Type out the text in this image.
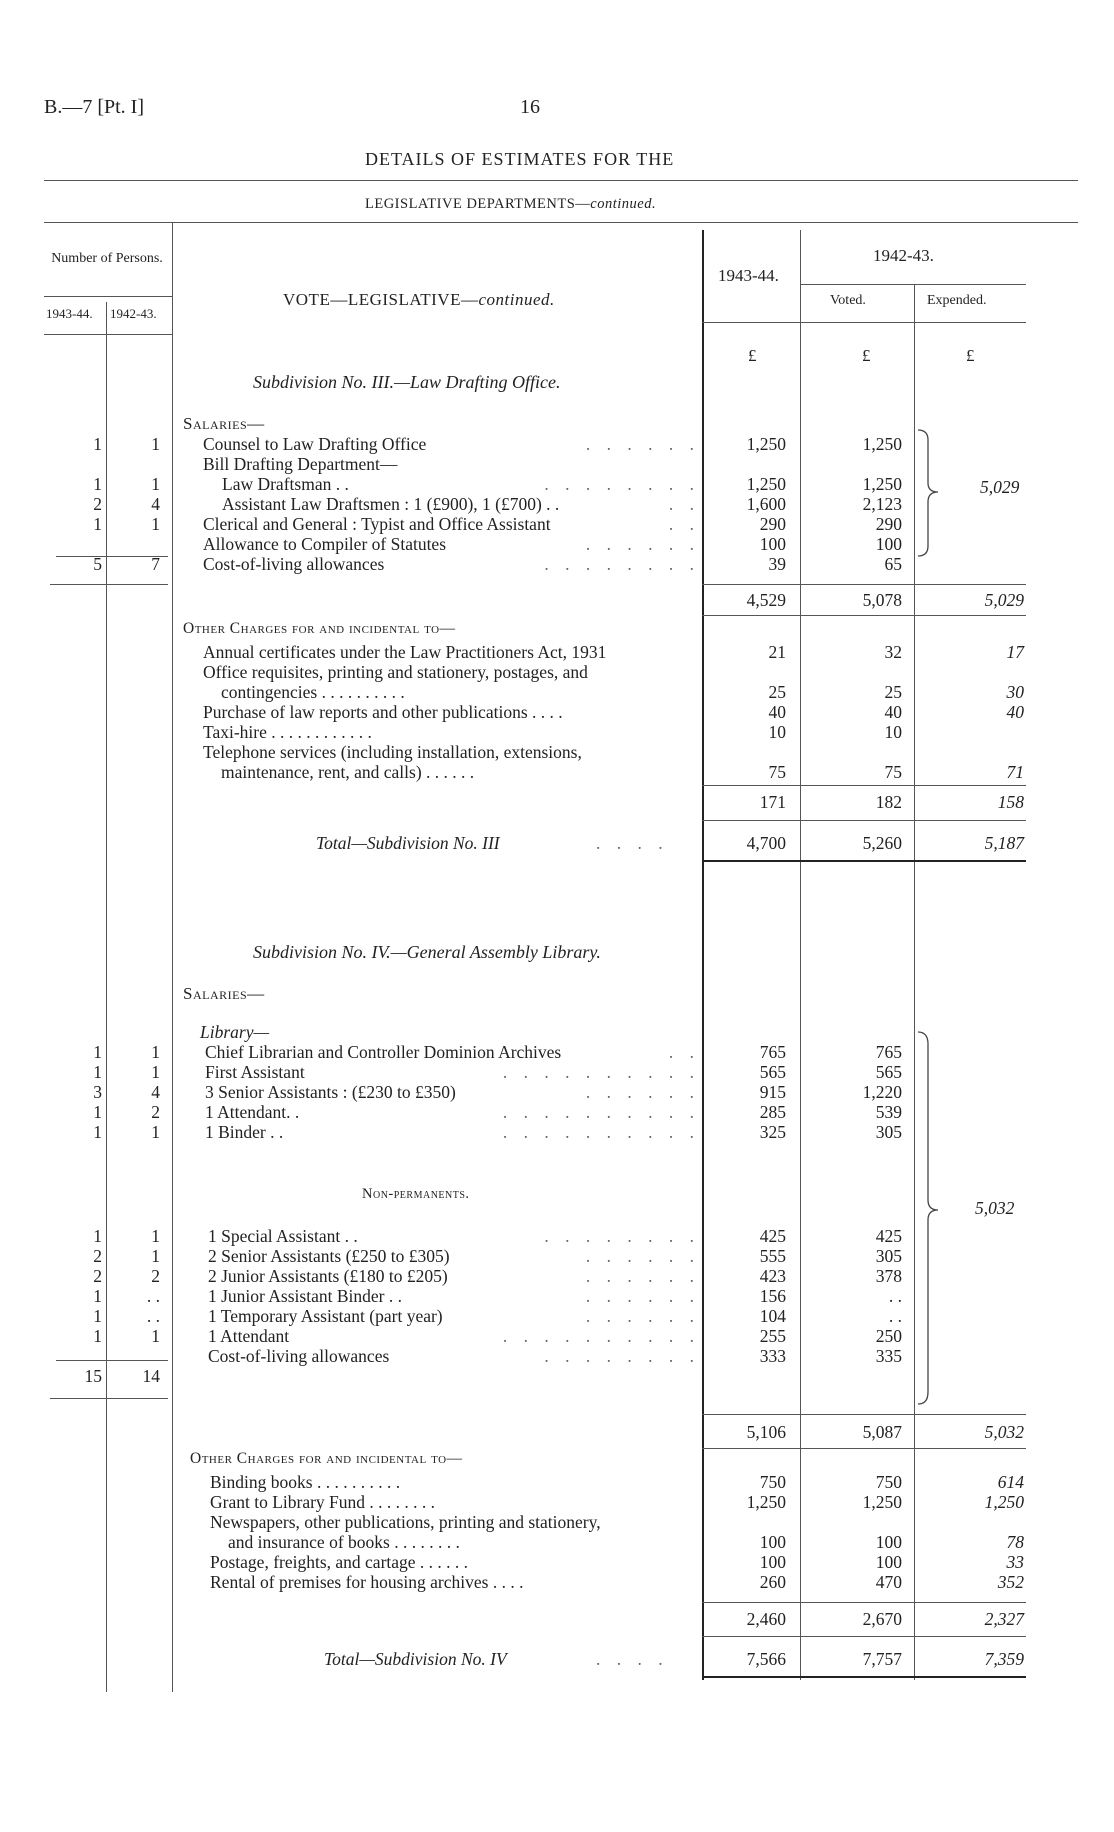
B.—7 [Pt. I]	16
DETAILS OF ESTIMATES FOR THE
LEGISLATIVE DEPARTMENTS—continued.
Number of Persons.
1943-44. 1942-43.
VOTE—LEGISLATIVE—continued.
1943-44.
1942-43.
Voted.	Expended.
£	£	£
Subdivision No. III.—Law Drafting Office.
Salaries—
1	1 Counsel to Law Drafting Office	. . . . . .	1,250	1,250
Bill Drafting Department—
1	1	Law Draftsman . .	. . . . . . . .	1,250	1,250
2	4	Assistant Law Draftsmen : 1 (£900), 1 (£700) . .	. .	1,600	2,123
1	1 Clerical and General : Typist and Office Assistant	. .	290	290
Allowance to Compiler of Statutes	. . . . . .	100	100
5	7 Cost-of-living allowances	. . . . . . . .	39	65
5,029
4,529	5,078	5,029
Other Charges for and incidental to—
Annual certificates under the Law Practitioners Act, 1931	21	32	17
Office requisites, printing and stationery, postages, and
contingencies . . . . . . . . . .	25	25	30
Purchase of law reports and other publications . . . .	40	40	40
Taxi-hire . . . . . . . . . . . .	10	10
Telephone services (including installation, extensions,
maintenance, rent, and calls) . . . . . .	75	75	71
171	182	158
Total—Subdivision No. III	. . . .	4,700	5,260	5,187
Subdivision No. IV.—General Assembly Library.
Salaries—
Library—
1	1	Chief Librarian and Controller Dominion Archives	. .	765	765
1	1	First Assistant	. . . . . . . . . .	565	565
3	4	3 Senior Assistants : (£230 to £350)	. . . . . .	915	1,220
1	2	1 Attendant. .	. . . . . . . . . .	285	539
1	1	1 Binder . .	. . . . . . . . . .	325	305
Non-permanents.
1	1	1 Special Assistant . .	. . . . . . . .	425	425
2	1	2 Senior Assistants (£250 to £305)	. . . . . .	555	305
2	2	2 Junior Assistants (£180 to £205)	. . . . . .	423	378
1	. .	1 Junior Assistant Binder . .	. . . . . .	156	. .
1	. .	1 Temporary Assistant (part year)	. . . . . .	104	. .
1	1	1 Attendant	. . . . . . . . . .	255	250
Cost-of-living allowances	. . . . . . . .	333	335
5,032
15	14
5,106	5,087	5,032
Other Charges for and incidental to—
Binding books . . . . . . . . . .	750	750	614
Grant to Library Fund . . . . . . . .	1,250	1,250	1,250
Newspapers, other publications, printing and stationery,
and insurance of books . . . . . . . .	100	100	78
Postage, freights, and cartage . . . . . .	100	100	33
Rental of premises for housing archives . . . .	260	470	352
2,460	2,670	2,327
Total—Subdivision No. IV	. . . .	7,566	7,757	7,359
